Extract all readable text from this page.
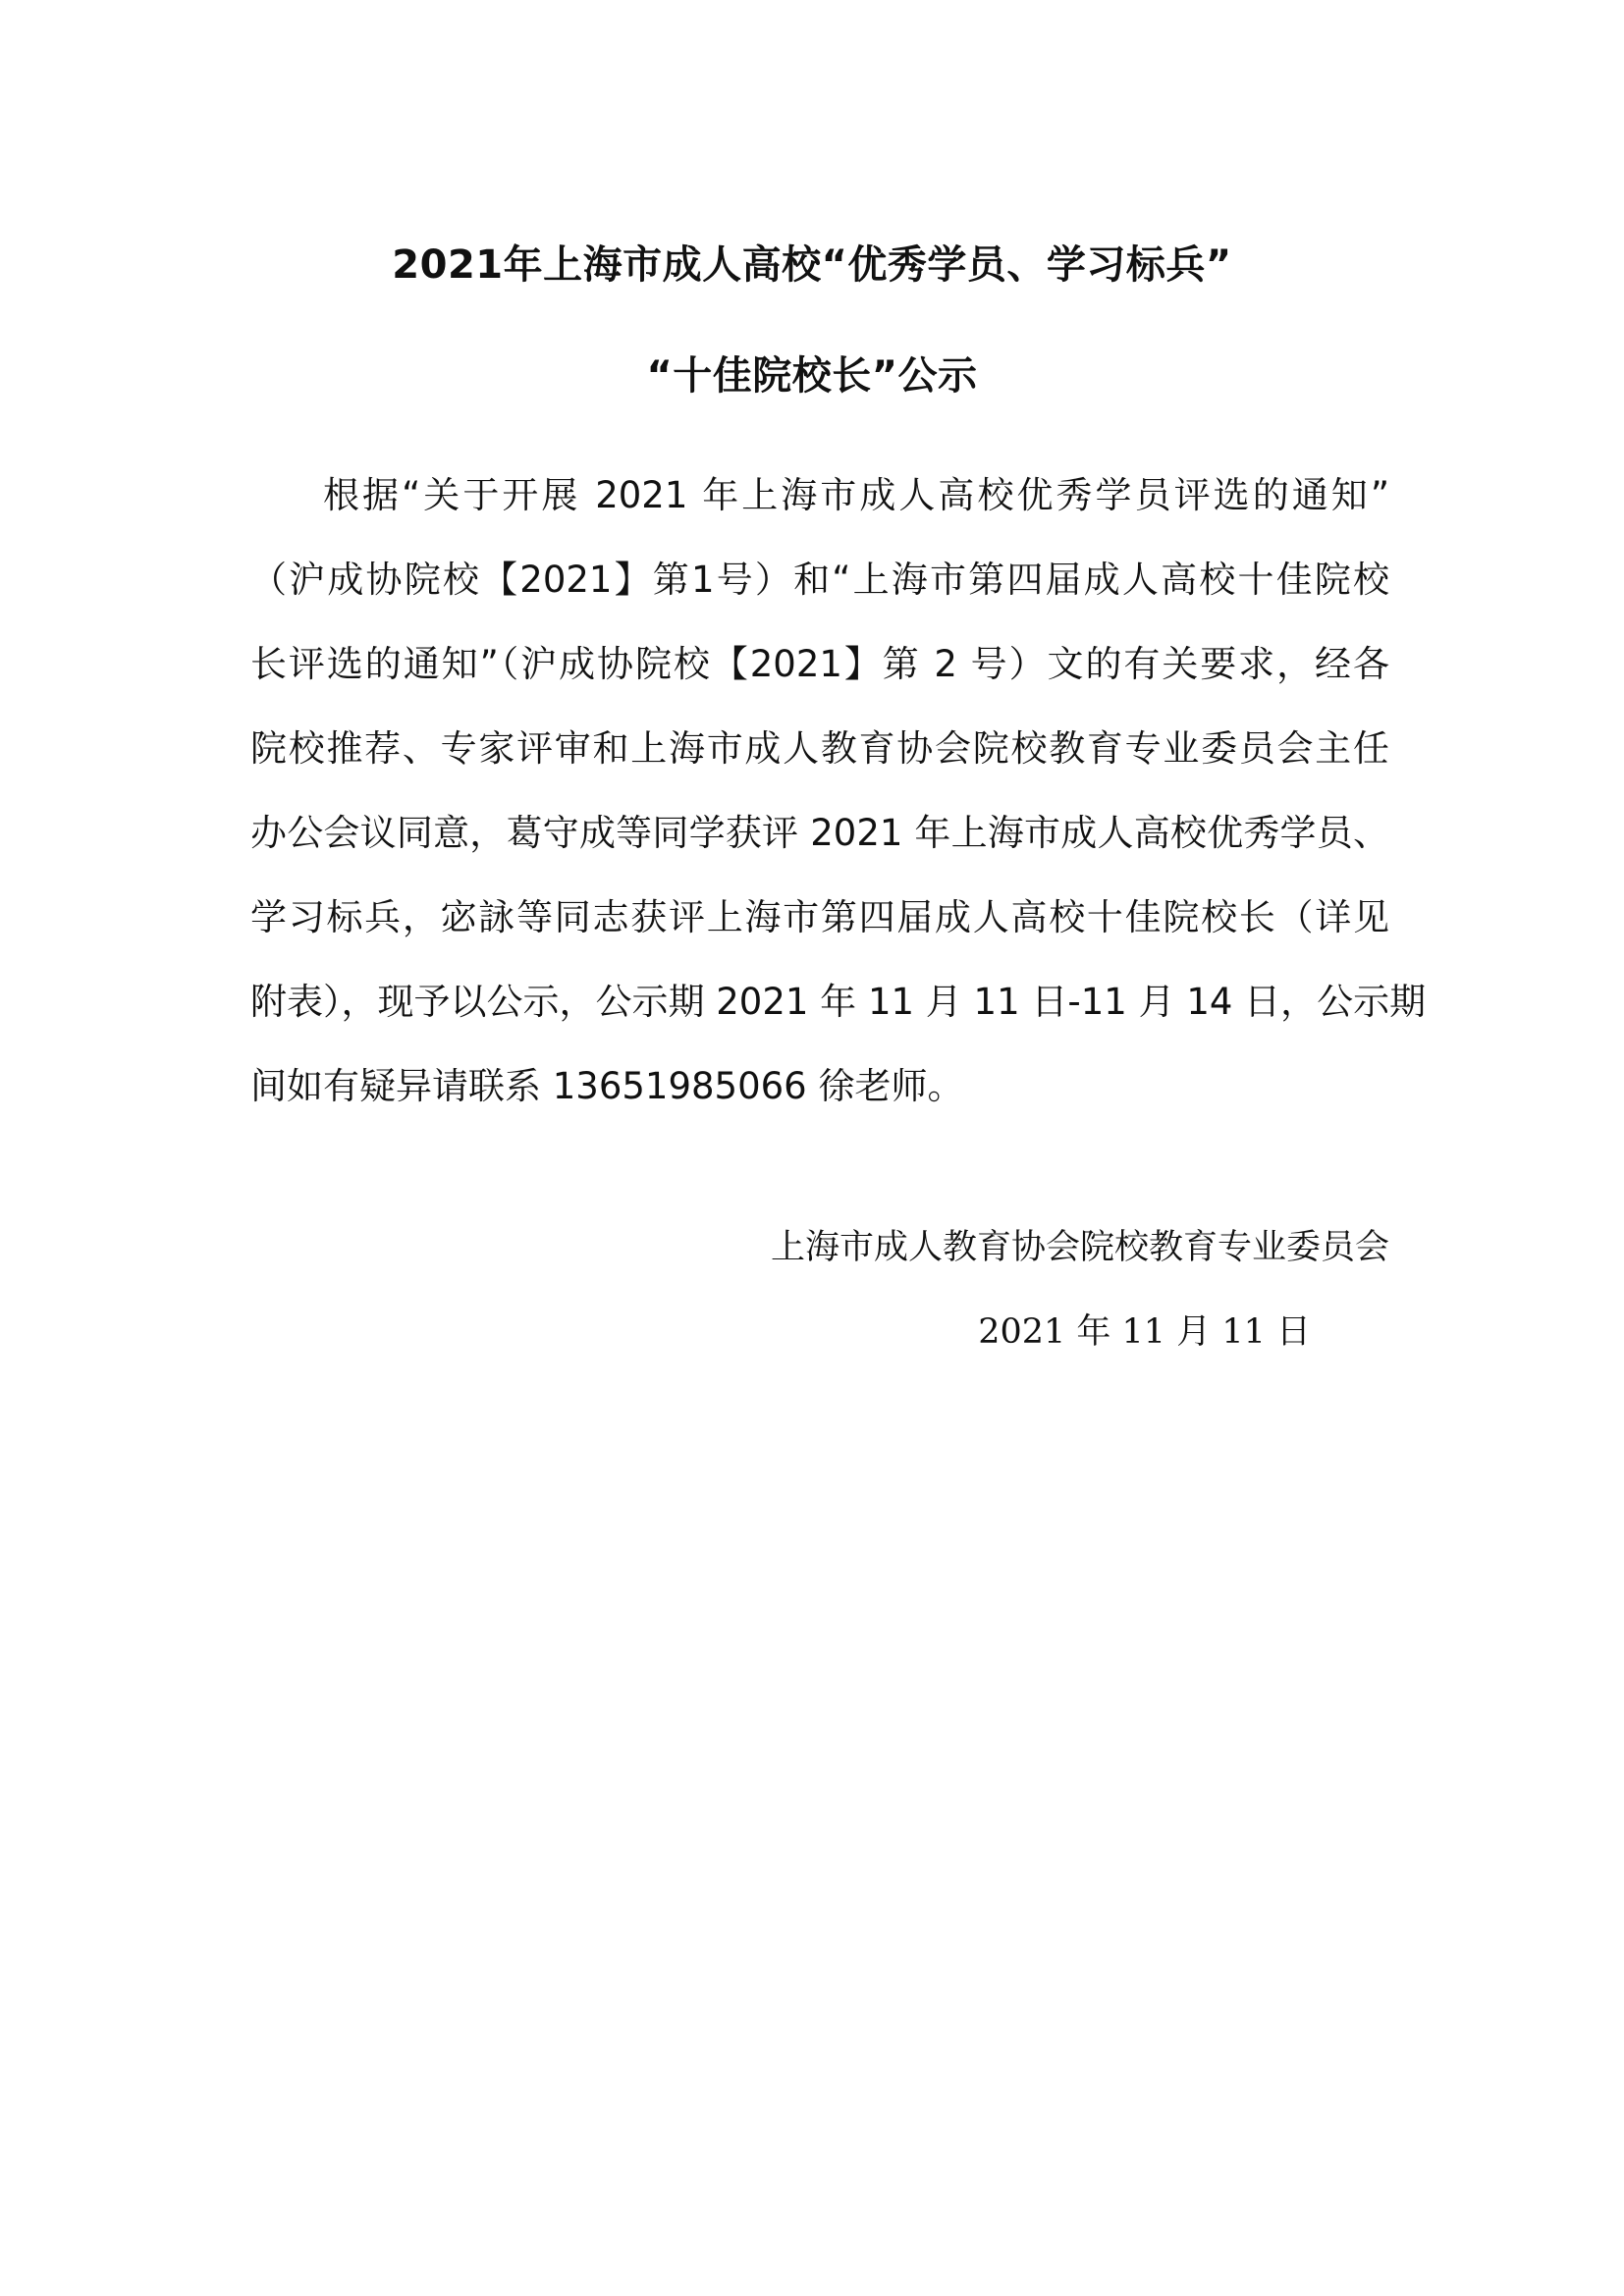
2021年上海市成人高校“优秀学员、学习标兵”
“十佳院校长”公示
根据“关于开展 2021 年上海市成人高校优秀学员评选的通知”
（沪成协院校【2021】第1号）和“上海市第四届成人高校十佳院校
长评选的通知”（沪成协院校【2021】第 2 号）文的有关要求，经各
院校推荐、专家评审和上海市成人教育协会院校教育专业委员会主任
办公会议同意，葛守成等同学获评 2021 年上海市成人高校优秀学员、
学习标兵，宓詠等同志获评上海市第四届成人高校十佳院校长（详见
附表），现予以公示，公示期 2021 年 11 月 11 日-11 月 14 日，公示期
间如有疑异请联系 13651985066 徐老师。
上海市成人教育协会院校教育专业委员会
2021 年 11 月 11 日
